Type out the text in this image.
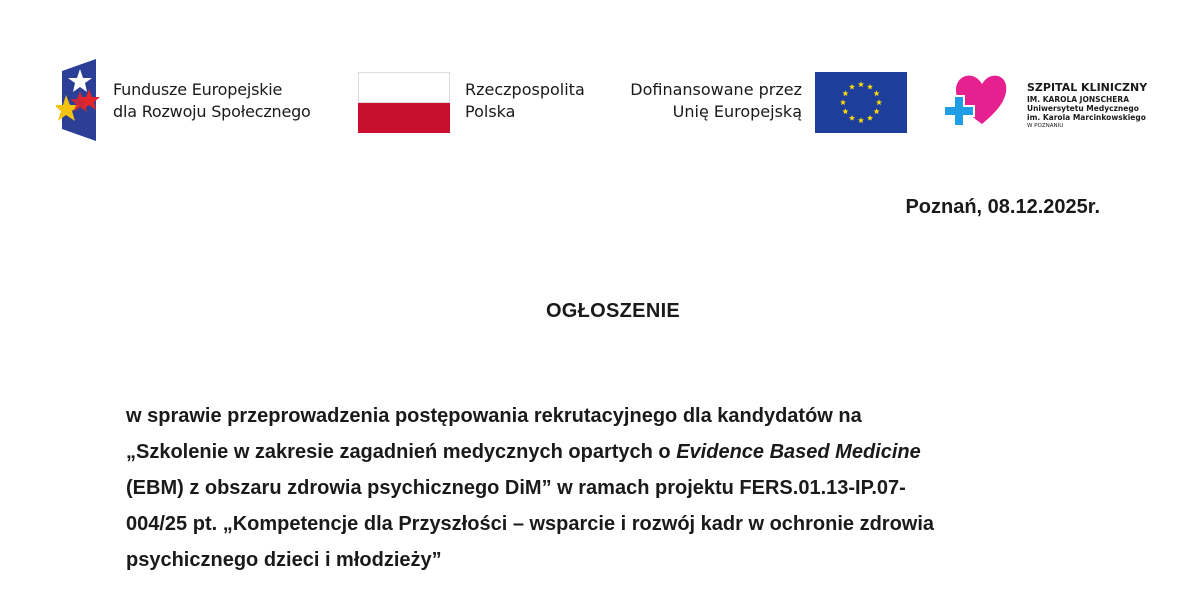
Fundusze Europejskie
dla Rozwoju Społecznego
Rzeczpospolita
Polska
Dofinansowane przez
Unię Europejską
SZPITAL KLINICZNY
IM. KAROLA JONSCHERA
Uniwersytetu Medycznego
im. Karola Marcinkowskiego
W POZNANIU
Poznań, 08.12.2025r.
OGŁOSZENIE
w sprawie przeprowadzenia postępowania rekrutacyjnego dla kandydatów na
„Szkolenie w zakresie zagadnień medycznych opartych o Evidence Based Medicine
(EBM) z obszaru zdrowia psychicznego DiM” w ramach projektu FERS.01.13-IP.07-
004/25 pt. „Kompetencje dla Przyszłości – wsparcie i rozwój kadr w ochronie zdrowia
psychicznego dzieci i młodzieży”
